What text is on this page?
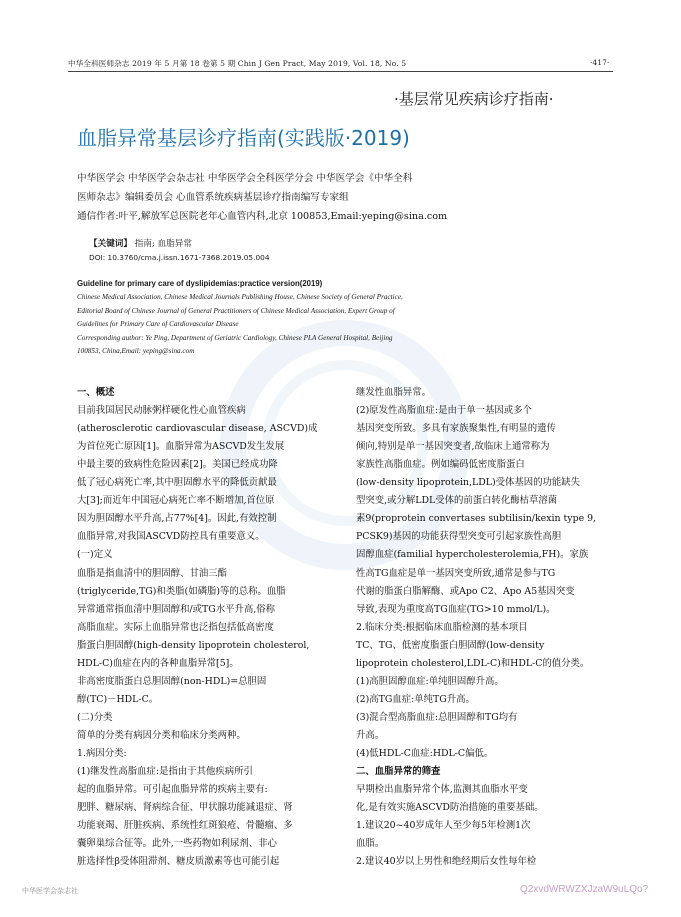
中华全科医师杂志 2019 年 5 月第 18 卷第 5 期 Chin J Gen Pract, May 2019, Vol. 18, No. 5	·417·
·基层常见疾病诊疗指南·
血脂异常基层诊疗指南(实践版·2019)
中华医学会 中华医学会杂志社 中华医学会全科医学分会 中华医学会《中华全科
医师杂志》编辑委员会 心血管系统疾病基层诊疗指南编写专家组
通信作者:叶平,解放军总医院老年心血管内科,北京 100853,Email:yeping@sina.com
【关键词】 指南; 血脂异常
DOI: 10.3760/cma.j.issn.1671-7368.2019.05.004
Guideline for primary care of dyslipidemias:practice version(2019)
Chinese Medical Association, Chinese Medical Journals Publishing House, Chinese Society of General Practice,
Editorial Board of Chinese Journal of General Practitioners of Chinese Medical Association, Expert Group of
Guidelines for Primary Care of Cardiovascular Disease
Corresponding author: Ye Ping, Department of Geriatric Cardiology, Chinese PLA General Hospital, Beijing
100853, China,Email: yeping@sina.com
一、概述
目前我国居民动脉粥样硬化性心血管疾病
(atherosclerotic cardiovascular disease, ASCVD)成
为首位死亡原因[1]。血脂异常为ASCVD发生发展
中最主要的致病性危险因素[2]。美国已经成功降
低了冠心病死亡率,其中胆固醇水平的降低贡献最
大[3];而近年中国冠心病死亡率不断增加,首位原
因为胆固醇水平升高,占77%[4]。因此,有效控制
血脂异常,对我国ASCVD防控具有重要意义。
(一)定义
血脂是指血清中的胆固醇、甘油三酯
(triglyceride,TG)和类脂(如磷脂)等的总称。血脂
异常通常指血清中胆固醇和/或TG水平升高,俗称
高脂血症。实际上血脂异常也泛指包括低高密度
脂蛋白胆固醇(high-density lipoprotein cholesterol,
HDL-C)血症在内的各种血脂异常[5]。
非高密度脂蛋白总胆固醇(non-HDL)=总胆固
醇(TC)－HDL-C。
(二)分类
简单的分类有病因分类和临床分类两种。
1.病因分类:
(1)继发性高脂血症:是指由于其他疾病所引
起的血脂异常。可引起血脂异常的疾病主要有:
肥胖、糖尿病、肾病综合征、甲状腺功能减退症、肾
功能衰竭、肝脏疾病、系统性红斑狼疮、骨髓瘤、多
囊卵巢综合征等。此外,一些药物如利尿剂、非心
脏选择性β受体阻滞剂、糖皮质激素等也可能引起
继发性血脂异常。
(2)原发性高脂血症:是由于单一基因或多个
基因突变所致。多具有家族聚集性,有明显的遗传
倾向,特别是单一基因突变者,故临床上通常称为
家族性高脂血症。例如编码低密度脂蛋白
(low-density lipoprotein,LDL)受体基因的功能缺失
型突变,或分解LDL受体的前蛋白转化酶枯草溶菌
素9(proprotein convertases subtilisin/kexin type 9,
PCSK9)基因的功能获得型突变可引起家族性高胆
固醇血症(familial hypercholesterolemia,FH)。家族
性高TG血症是单一基因突变所致,通常是参与TG
代谢的脂蛋白脂解酶、或Apo C2、Apo A5基因突变
导致,表现为重度高TG血症(TG>10 mmol/L)。
2.临床分类:根据临床血脂检测的基本项目
TC、TG、低密度脂蛋白胆固醇(low-density
lipoprotein cholesterol,LDL-C)和HDL-C的值分类。
(1)高胆固醇血症:单纯胆固醇升高。
(2)高TG血症:单纯TG升高。
(3)混合型高脂血症:总胆固醇和TG均有
升高。
(4)低HDL-C血症:HDL-C偏低。
二、血脂异常的筛查
早期检出血脂异常个体,监测其血脂水平变
化,是有效实施ASCVD防治措施的重要基础。
1.建议20~40岁成年人至少每5年检测1次
血脂。
2.建议40岁以上男性和绝经期后女性每年检
中华医学会杂志社	Q2xvdWRWZXJzaW9uLQo?
